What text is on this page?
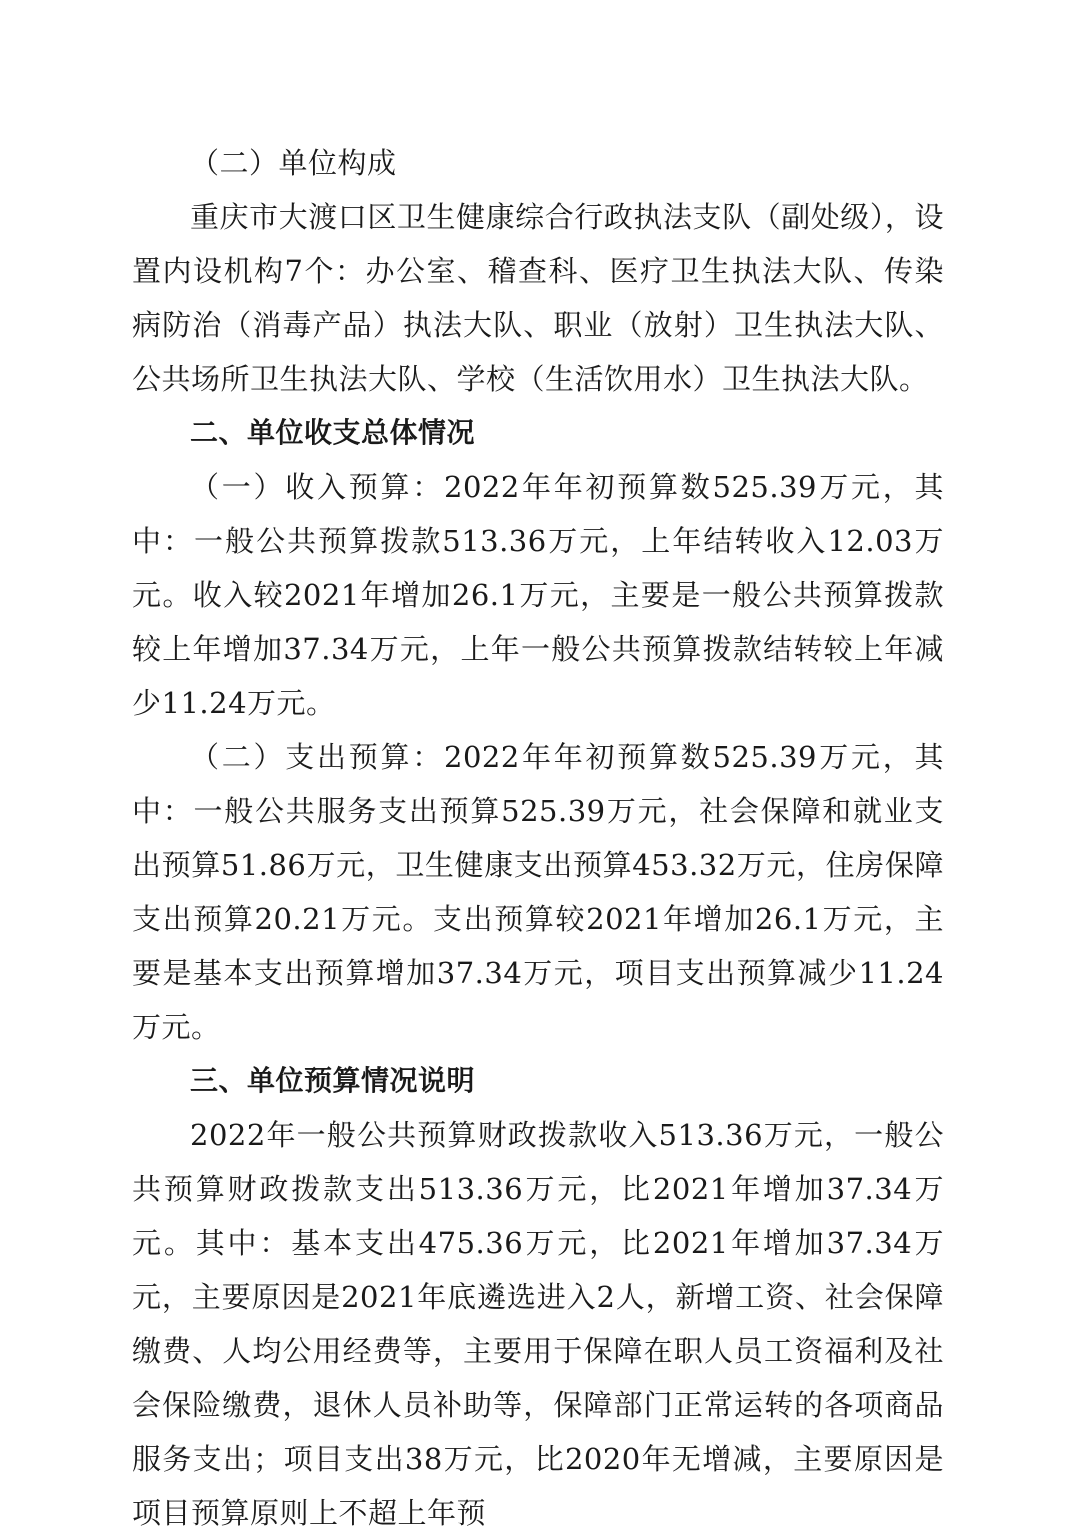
（二）单位构成

重庆市大渡口区卫生健康综合行政执法支队（副处级），设置内设机构7个：办公室、稽查科、医疗卫生执法大队、传染病防治（消毒产品）执法大队、职业（放射）卫生执法大队、公共场所卫生执法大队、学校（生活饮用水）卫生执法大队。

二、单位收支总体情况

（一）收入预算：2022年年初预算数525.39万元，其中：一般公共预算拨款513.36万元，上年结转收入12.03万元。收入较2021年增加26.1万元，主要是一般公共预算拨款较上年增加37.34万元，上年一般公共预算拨款结转较上年减少11.24万元。

（二）支出预算：2022年年初预算数525.39万元，其中：一般公共服务支出预算525.39万元，社会保障和就业支出预算51.86万元，卫生健康支出预算453.32万元，住房保障支出预算20.21万元。支出预算较2021年增加26.1万元，主要是基本支出预算增加37.34万元，项目支出预算减少11.24万元。

三、单位预算情况说明

2022年一般公共预算财政拨款收入513.36万元，一般公共预算财政拨款支出513.36万元，比2021年增加37.34万元。其中：基本支出475.36万元，比2021年增加37.34万元，主要原因是2021年底遴选进入2人，新增工资、社会保障缴费、人均公用经费等，主要用于保障在职人员工资福利及社会保险缴费，退休人员补助等，保障部门正常运转的各项商品服务支出；项目支出38万元，比2020年无增减，主要原因是项目预算原则上不超上年预
